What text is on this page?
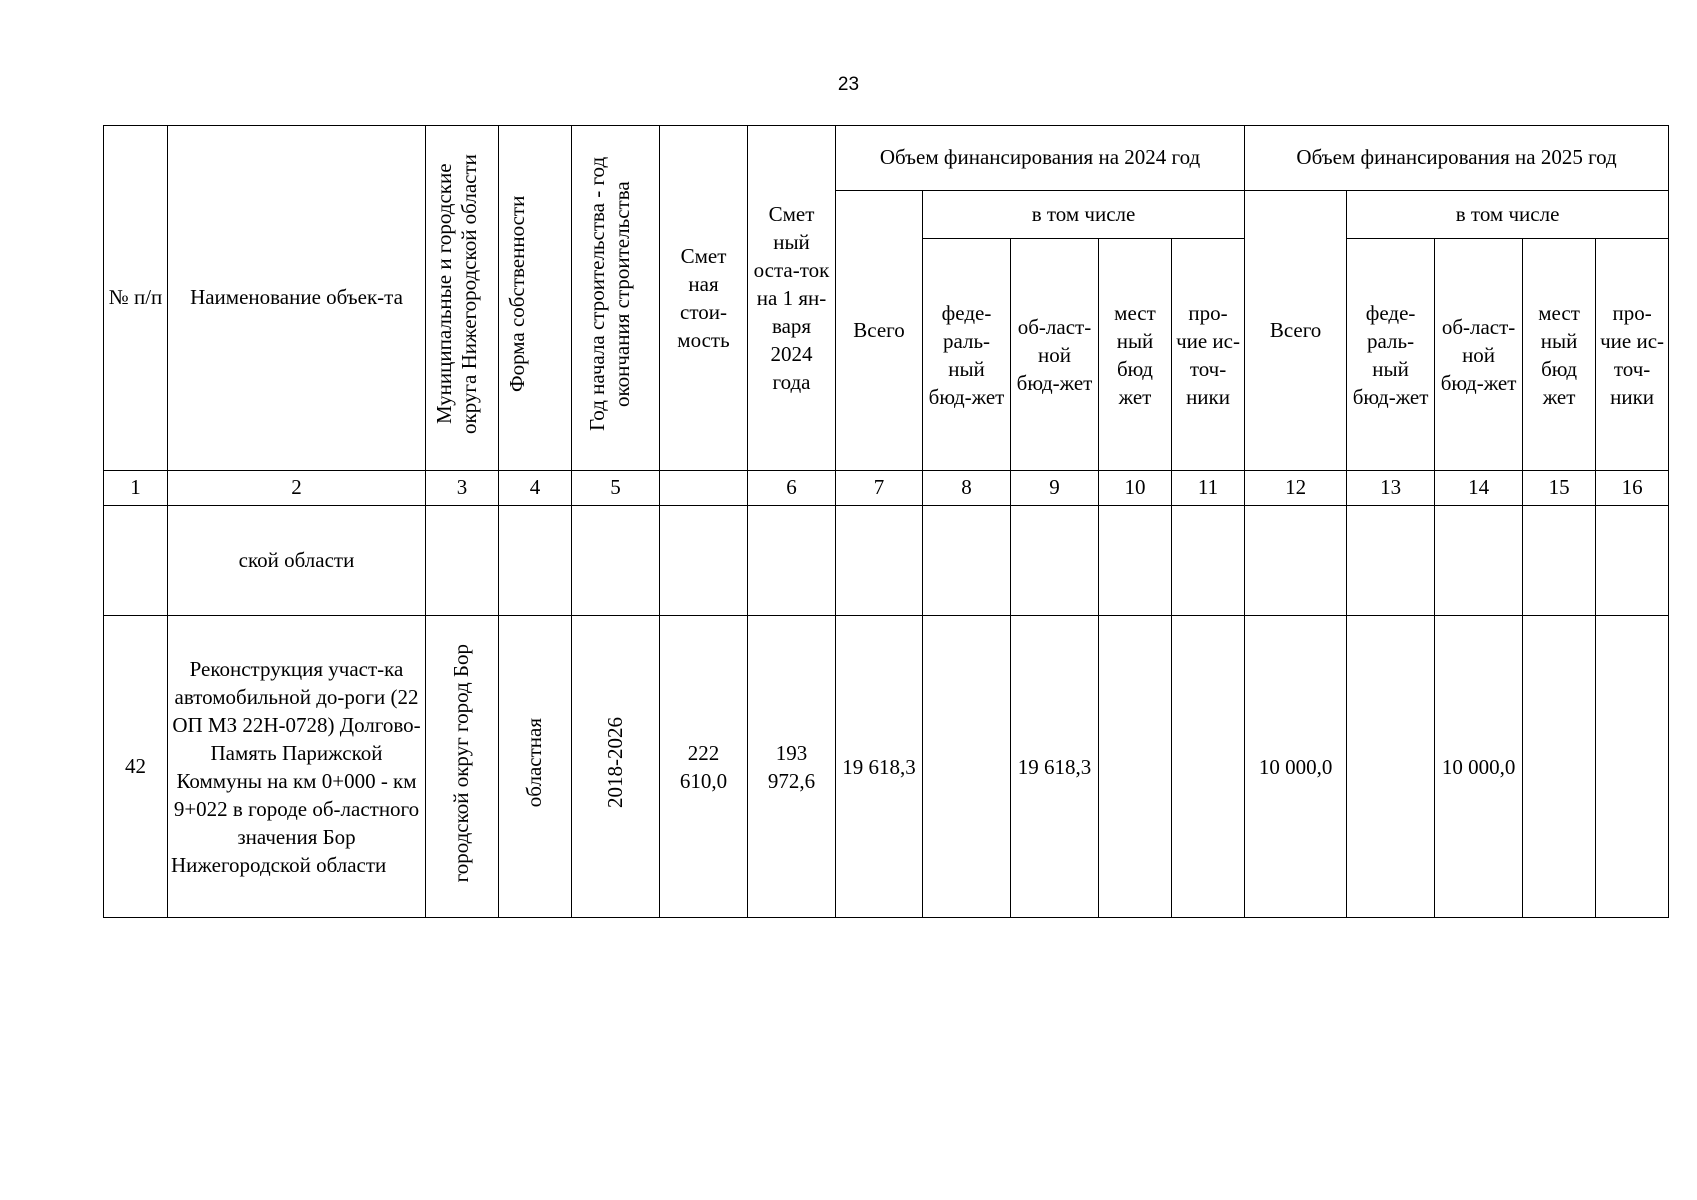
23
№ п/п	Наименование объек-та	Муниципальные и городские округа Нижегородской области	Форма собственности	Год начала строительства - год окончания строительства	Смет ная стои-мость	Смет ный оста-ток на 1 ян-варя 2024 года	Объем финансирования на 2024 год					Объем финансирования на 2025 год				
							Всего	в том числе				Всего	в том числе			
								феде-раль-ный бюд-жет	об-ласт-ной бюд-жет	мест ный бюд жет	про-чие ис-точ-ники		феде-раль-ный бюд-жет	об-ласт-ной бюд-жет	мест ный бюд жет	про-чие ис-точ-ники
1	2	3	4	5		6	7	8	9	10	11	12	13	14	15	16
	ской области															
42	Реконструкция участ-ка автомобильной до-роги (22 ОП МЗ 22Н-0728) Долгово-Память Парижской Коммуны на км 0+000 - км 9+022 в городе об-ластного значения Бор Нижегородской области	городской округ город Бор	областная	2018-2026	222 610,0	193 972,6	19 618,3		19 618,3			10 000,0		10 000,0		
